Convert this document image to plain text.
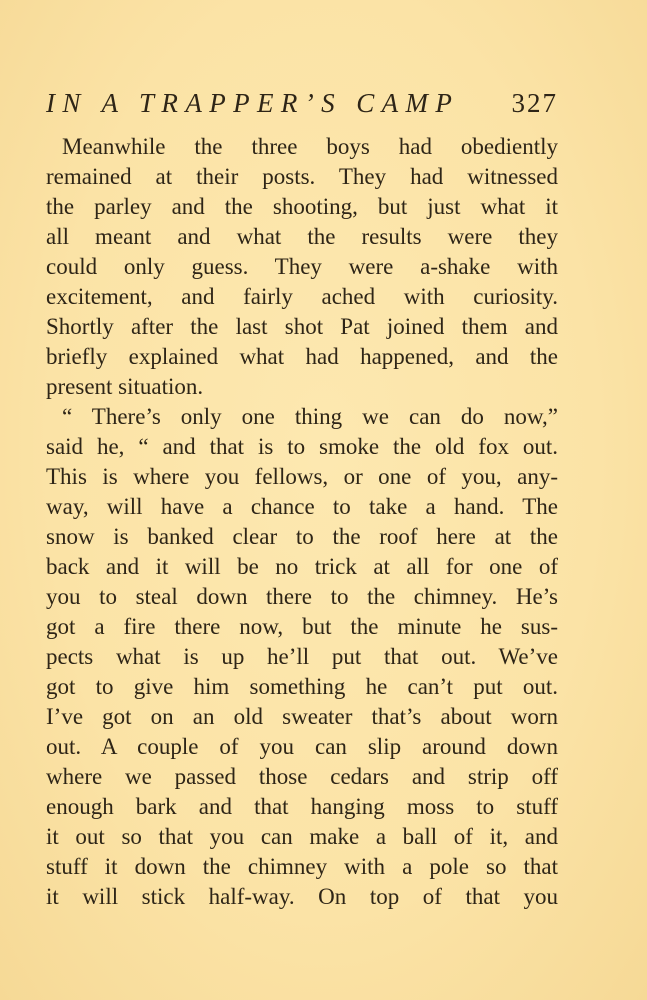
IN A TRAPPER’S CAMP 327
Meanwhile the three boys had obediently
remained at their posts. They had witnessed
the parley and the shooting, but just what it
all meant and what the results were they
could only guess. They were a-shake with
excitement, and fairly ached with curiosity.
Shortly after the last shot Pat joined them and
briefly explained what had happened, and the
present situation.
“ There’s only one thing we can do now,”
said he, “ and that is to smoke the old fox out.
This is where you fellows, or one of you, any-
way, will have a chance to take a hand. The
snow is banked clear to the roof here at the
back and it will be no trick at all for one of
you to steal down there to the chimney. He’s
got a fire there now, but the minute he sus-
pects what is up he’ll put that out. We’ve
got to give him something he can’t put out.
I’ve got on an old sweater that’s about worn
out. A couple of you can slip around down
where we passed those cedars and strip off
enough bark and that hanging moss to stuff
it out so that you can make a ball of it, and
stuff it down the chimney with a pole so that
it will stick half-way. On top of that you
